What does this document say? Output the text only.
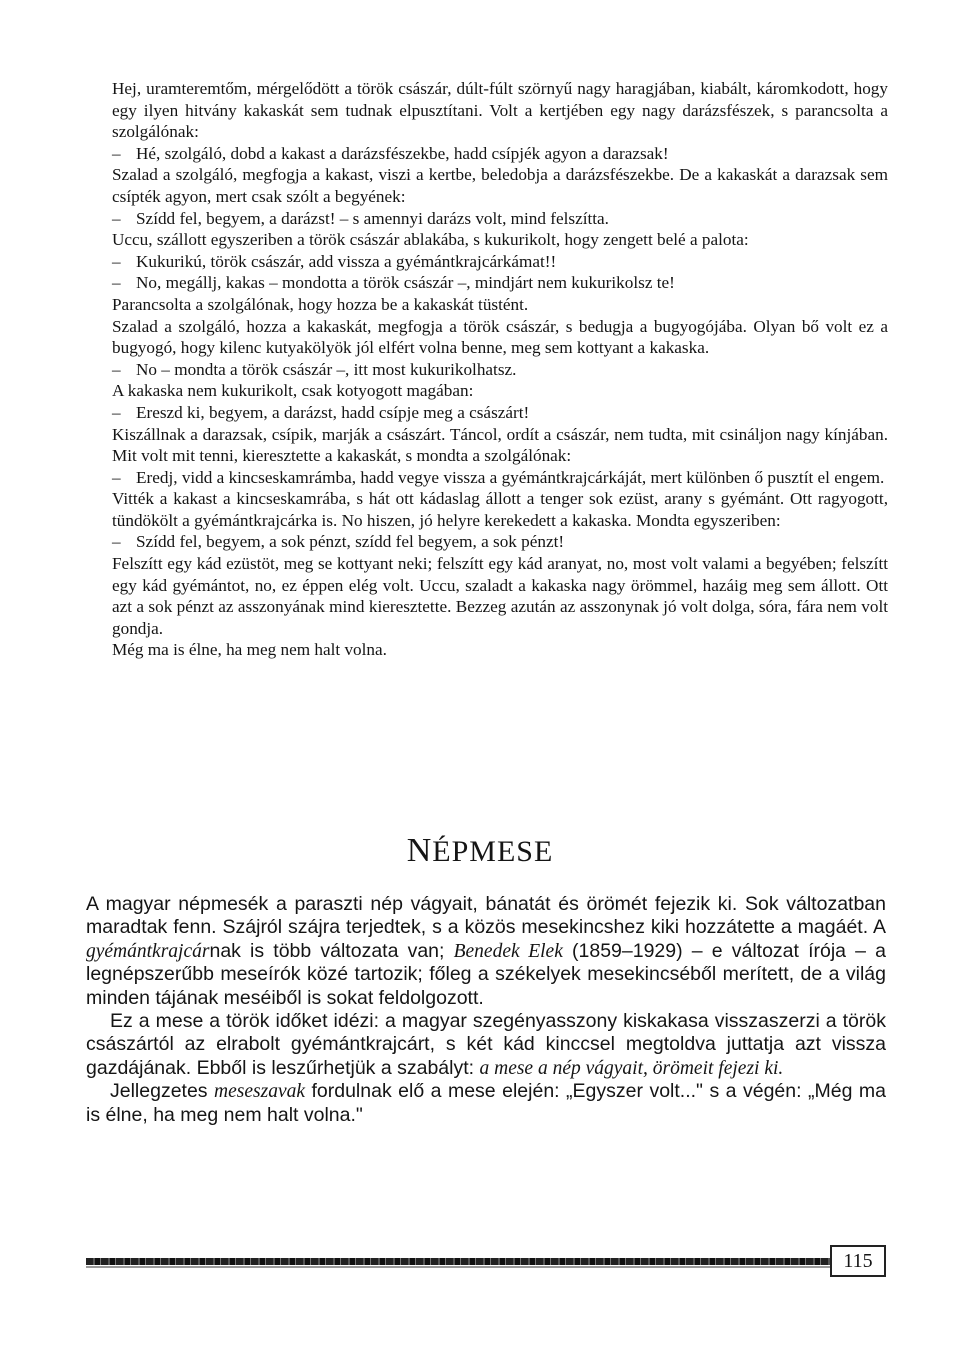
Hej, uramteremtőm, mérgelődött a török császár, dúlt-fúlt szörnyű nagy haragjában, kiabált, káromkodott, hogy egy ilyen hitvány kakaskát sem tudnak elpusztítani. Volt a kertjében egy nagy darázsfészek, s parancsolta a szolgálónak:

– Hé, szolgáló, dobd a kakast a darázsfészekbe, hadd csípjék agyon a darazsak!

Szalad a szolgáló, megfogja a kakast, viszi a kertbe, beledobja a darázsfészekbe. De a kakaskát a darazsak sem csípték agyon, mert csak szólt a begyének:

– Szídd fel, begyem, a darázst! – s amennyi darázs volt, mind felszítta.

Uccu, szállott egyszeriben a török császár ablakába, s kukurikolt, hogy zengett belé a palota:

– Kukurikú, török császár, add vissza a gyémántkrajcárkámat!!

– No, megállj, kakas – mondotta a török császár –, mindjárt nem kukurikolsz te!

Parancsolta a szolgálónak, hogy hozza be a kakaskát tüstént.

Szalad a szolgáló, hozza a kakaskát, megfogja a török császár, s bedugja a bugyogójába. Olyan bő volt ez a bugyogó, hogy kilenc kutyakölyök jól elfért volna benne, meg sem kottyant a kakaska.

– No – mondta a török császár –, itt most kukurikolhatsz.

A kakaska nem kukurikolt, csak kotyogott magában:

– Ereszd ki, begyem, a darázst, hadd csípje meg a császárt!

Kiszállnak a darazsak, csípik, marják a császárt. Táncol, ordít a császár, nem tudta, mit csináljon nagy kínjában. Mit volt mit tenni, kieresztette a kakaskát, s mondta a szolgálónak:

– Eredj, vidd a kincseskamrámba, hadd vegye vissza a gyémántkrajcárkáját, mert különben ő pusztít el engem.

Vitték a kakast a kincseskamrába, s hát ott kádaslag állott a tenger sok ezüst, arany s gyémánt. Ott ragyogott, tündökölt a gyémántkrajcárka is. No hiszen, jó helyre kerekedett a kakaska. Mondta egyszeriben:

– Szídd fel, begyem, a sok pénzt, szídd fel begyem, a sok pénzt!

Felszítt egy kád ezüstöt, meg se kottyant neki; felszítt egy kád aranyat, no, most volt valami a begyében; felszítt egy kád gyémántot, no, ez éppen elég volt. Uccu, szaladt a kakaska nagy örömmel, hazáig meg sem állott. Ott azt a sok pénzt az asszonyának mind kieresztette. Bezzeg azután az asszonynak jó volt dolga, sóra, fára nem volt gondja.

Még ma is élne, ha meg nem halt volna.

NÉPMESE

A magyar népmesék a paraszti nép vágyait, bánatát és örömét fejezik ki. Sok változatban maradtak fenn. Szájról szájra terjedtek, s a közös mesekincshez kiki hozzátette a magáét. A gyémántkrajcárnak is több változata van; Benedek Elek (1859–1929) – e változat írója – a legnépszerűbb meseírók közé tartozik; főleg a székelyek mesekincséből merített, de a világ minden tájának meséiből is sokat feldolgozott.

Ez a mese a török időket idézi: a magyar szegényasszony kiskakasa visszaszerzi a török császártól az elrabolt gyémántkrajcárt, s két kád kinccsel megtoldva juttatja azt vissza gazdájának. Ebből is leszűrhetjük a szabályt: a mese a nép vágyait, örömeit fejezi ki.

Jellegzetes meseszavak fordulnak elő a mese elején: „Egyszer volt..." s a végén: „Még ma is élne, ha meg nem halt volna."

115
